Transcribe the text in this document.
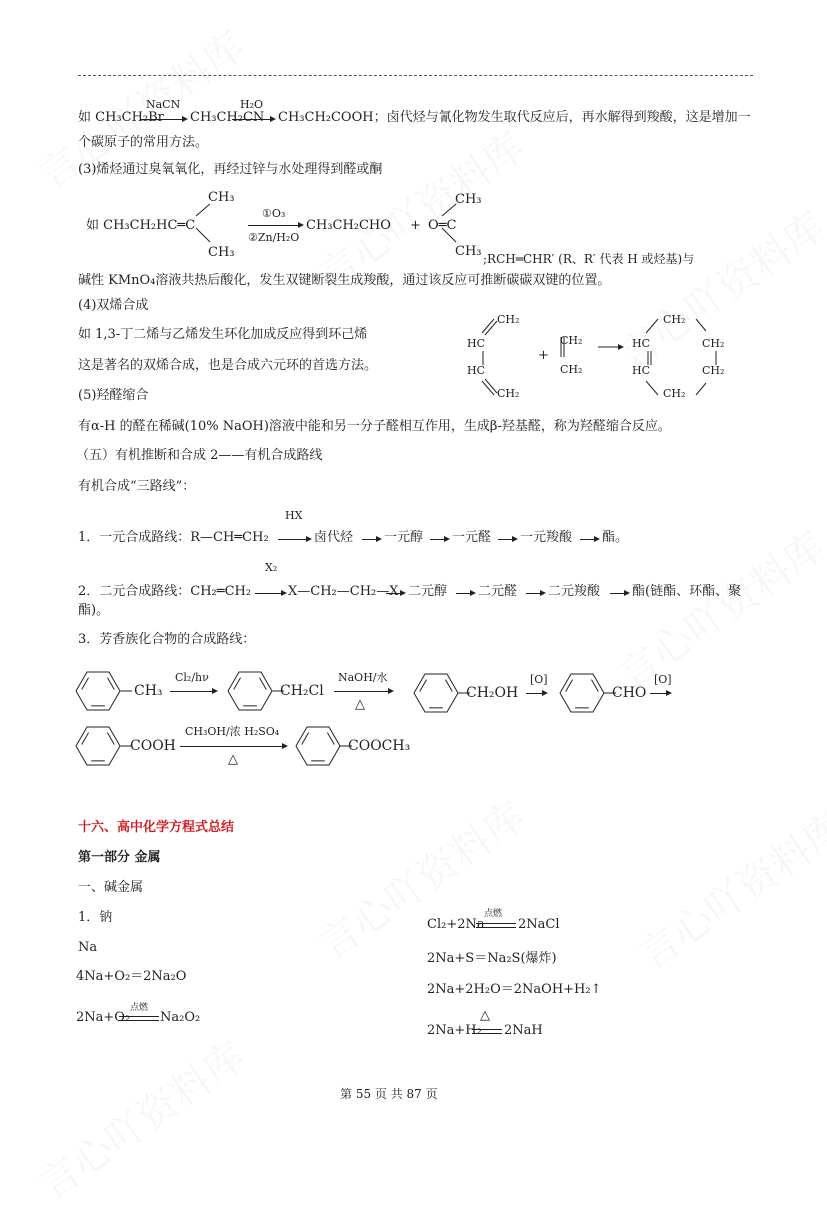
如 CH₃CH₂Br
NaCN
→ CH₃CH₂CN
H₂O
→ CH₃CH₂COOH；卤代烃与氰化物发生取代反应后，再水解得到羧酸，这是增加一
个碳原子的常用方法。
(3)烯烃通过臭氧氧化，再经过锌与水处理得到醛或酮
如 CH₃CH₂HC═C
CH₃
CH₃
①O₃
②Zn/H₂O
CH₃CH₂CHO + O═C
CH₃
CH₃ ;RCH═CHR′ (R、R′ 代表 H 或烃基)与
碱性 KMnO₄溶液共热后酸化，发生双键断裂生成羧酸，通过该反应可推断碳碳双键的位置。
(4)双烯合成
如 1,3-丁二烯与乙烯发生环化加成反应得到环己烯
这是著名的双烯合成，也是合成六元环的首选方法。
CH₂
HC
HC
CH₂
+
CH₂
CH₂
CH₂
HC	CH₂
HC	CH₂
CH₂
(5)羟醛缩合
有α-H 的醛在稀碱(10% NaOH)溶液中能和另一分子醛相互作用，生成β-羟基醛，称为羟醛缩合反应。
（五）有机推断和合成 2——有机合成路线
有机合成“三路线”：
HX
1．一元合成路线：R—CH═CH₂ → 卤代烃 → 一元醇 → 一元醛 → 一元羧酸 → 酯。
X₂
2．二元合成路线：CH₂═CH₂ → X—CH₂—CH₂—X → 二元醇 → 二元醛 → 二元羧酸 → 酯(链酯、环酯、聚
酯)。
3．芳香族化合物的合成路线：
CH₃
Cl₂/hν
CH₂Cl
NaOH/水
△
CH₂OH
[O]
CHO
[O]
COOH
CH₃OH/浓 H₂SO₄
△
COOCH₃
十六、高中化学方程式总结
第一部分 金属
一、碱金属
1．钠
Na
4Na+O₂＝2Na₂O
2Na+O₂
点燃
Na₂O₂
Cl₂+2Na
点燃
2NaCl
2Na+S＝Na₂S(爆炸)
2Na+2H₂O＝2NaOH+H₂↑
2Na+H₂
△
2NaH
第 55 页 共 87 页
